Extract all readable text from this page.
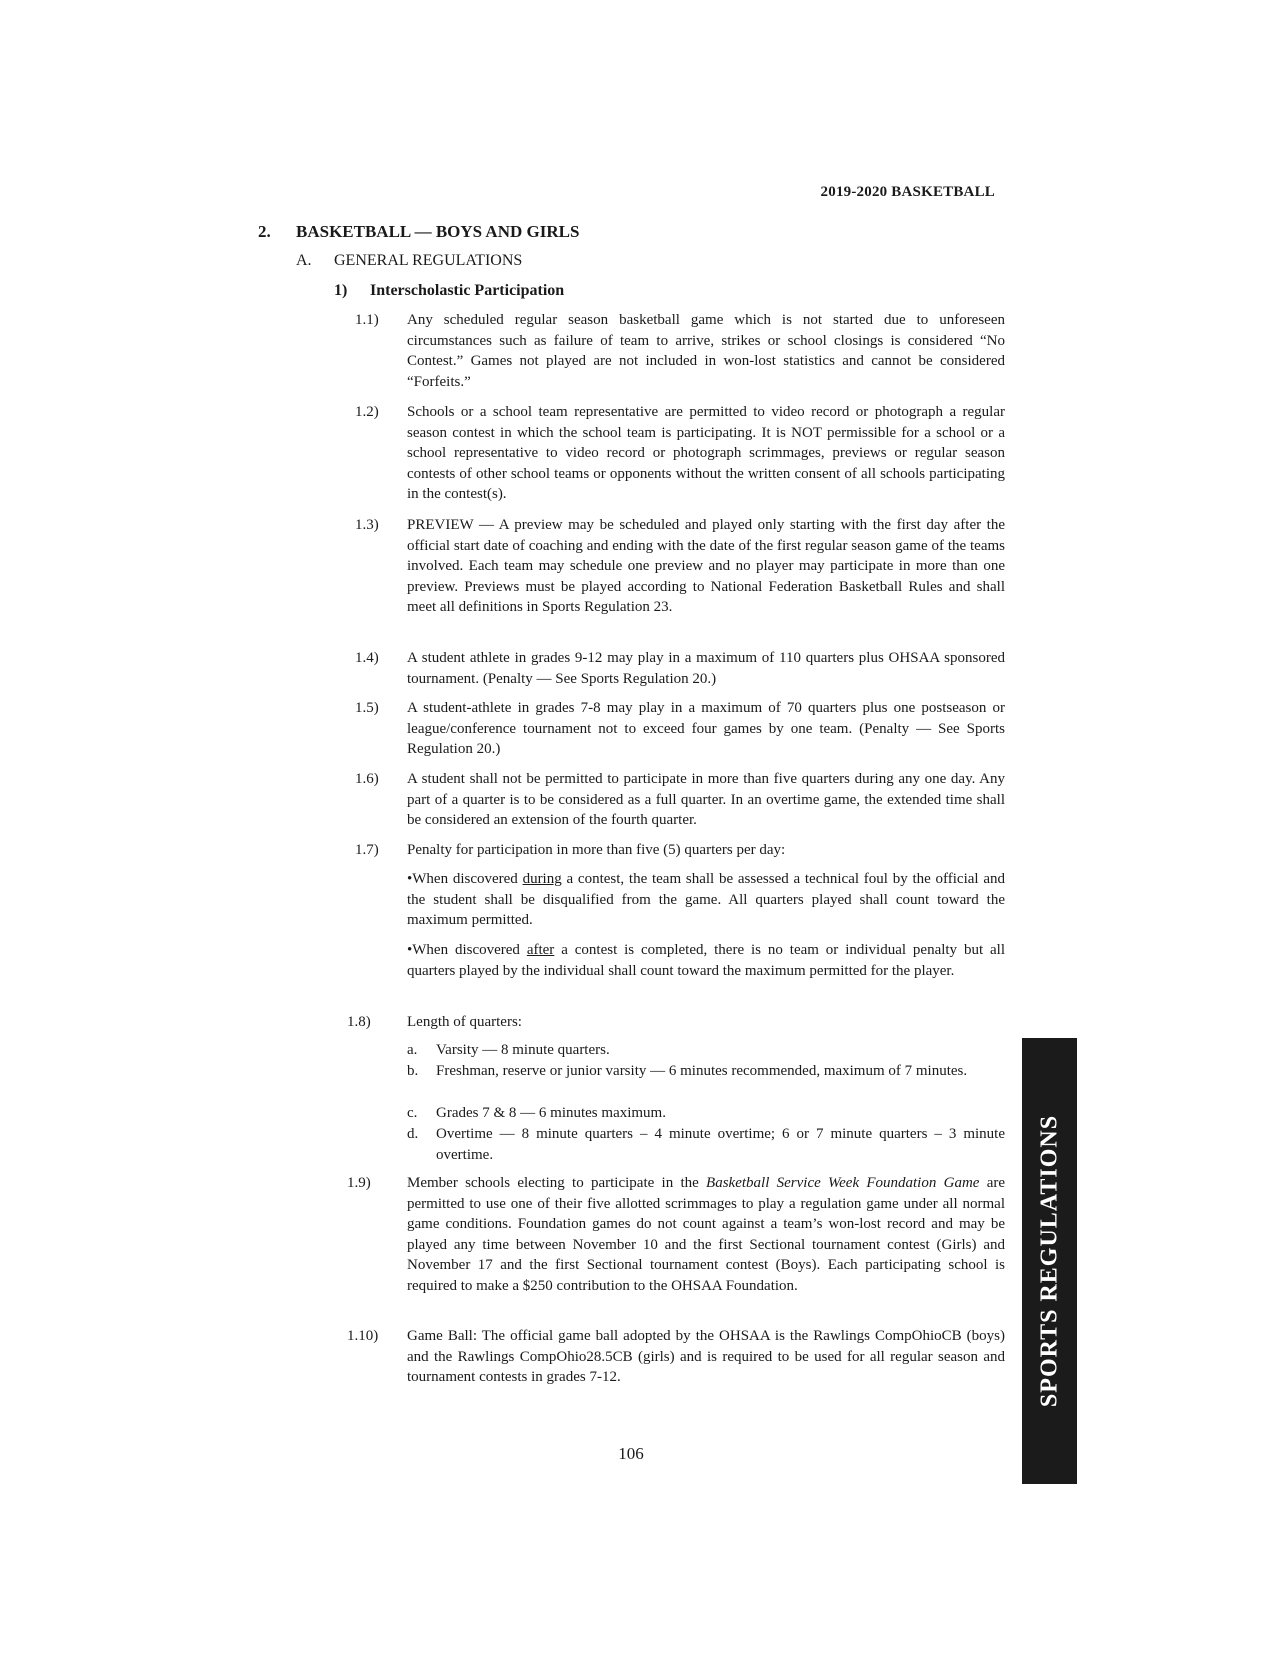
2019-2020 BASKETBALL
2. BASKETBALL — BOYS AND GIRLS
A. GENERAL REGULATIONS
1) Interscholastic Participation
1.1)	Any scheduled regular season basketball game which is not started due to unforeseen circumstances such as failure of team to arrive, strikes or school closings is considered “No Contest.” Games not played are not included in won-lost statistics and cannot be considered “Forfeits.”
1.2)	Schools or a school team representative are permitted to video record or photograph a regular season contest in which the school team is participating. It is NOT permissible for a school or a school representative to video record or photograph scrimmages, previews or regular season contests of other school teams or opponents without the written consent of all schools participating in the contest(s).
1.3)	PREVIEW — A preview may be scheduled and played only starting with the first day after the official start date of coaching and ending with the date of the first regular season game of the teams involved. Each team may schedule one preview and no player may participate in more than one preview. Previews must be played according to National Federation Basketball Rules and shall meet all definitions in Sports Regulation 23.
1.4)	A student athlete in grades 9-12 may play in a maximum of 110 quarters plus OHSAA sponsored tournament. (Penalty — See Sports Regulation 20.)
1.5)	A student-athlete in grades 7-8 may play in a maximum of 70 quarters plus one postseason or league/conference tournament not to exceed four games by one team. (Penalty — See Sports Regulation 20.)
1.6)	A student shall not be permitted to participate in more than five quarters during any one day. Any part of a quarter is to be considered as a full quarter. In an overtime game, the extended time shall be considered an extension of the fourth quarter.
1.7)	Penalty for participation in more than five (5) quarters per day:
•When discovered during a contest, the team shall be assessed a technical foul by the official and the student shall be disqualified from the game. All quarters played shall count toward the maximum permitted.
•When discovered after a contest is completed, there is no team or individual penalty but all quarters played by the individual shall count toward the maximum permitted for the player.
1.8)	Length of quarters:
a. Varsity — 8 minute quarters.
b. Freshman, reserve or junior varsity — 6 minutes recommended, maximum of 7 minutes.
c. Grades 7 & 8 — 6 minutes maximum.
d. Overtime — 8 minute quarters – 4 minute overtime; 6 or 7 minute quarters – 3 minute overtime.
1.9)	Member schools electing to participate in the Basketball Service Week Foundation Game are permitted to use one of their five allotted scrimmages to play a regulation game under all normal game conditions. Foundation games do not count against a team’s won-lost record and may be played any time between November 10 and the first Sectional tournament contest (Girls) and November 17 and the first Sectional tournament contest (Boys). Each participating school is required to make a $250 contribution to the OHSAA Foundation.
1.10)	Game Ball: The official game ball adopted by the OHSAA is the Rawlings CompOhioCB (boys) and the Rawlings CompOhio28.5CB (girls) and is required to be used for all regular season and tournament contests in grades 7-12.
106
SPORTS REGULATIONS
